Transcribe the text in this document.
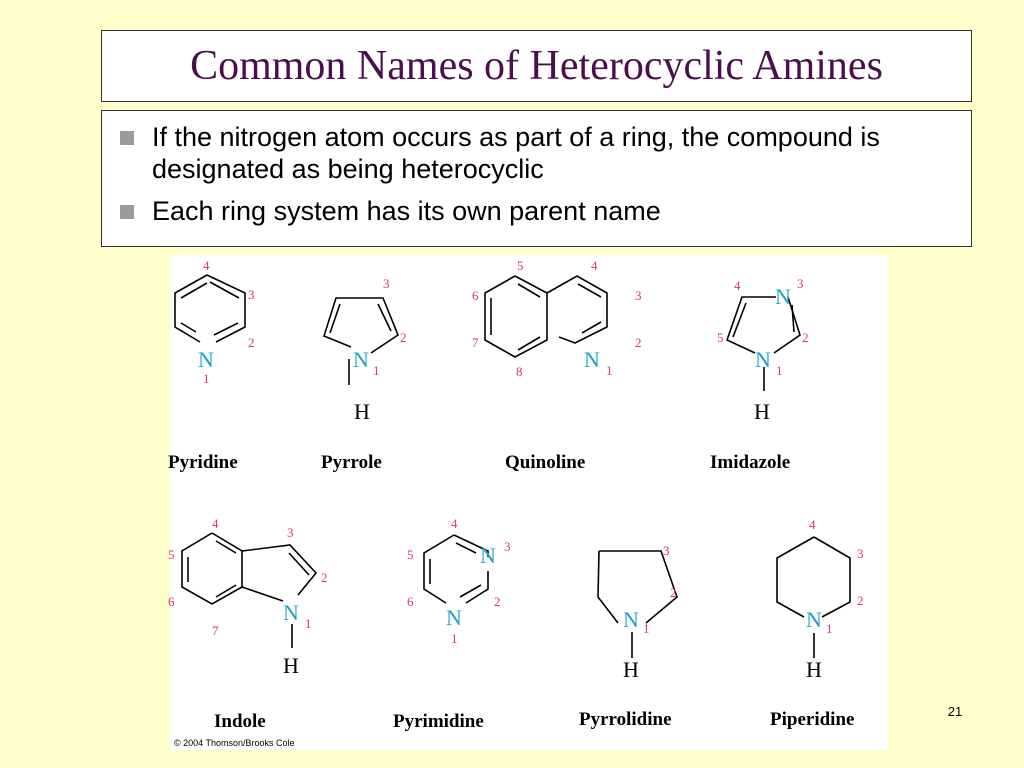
Common Names of Heterocyclic Amines
If the nitrogen atom occurs as part of a ring, the compound is designated as being heterocyclic
Each ring system has its own parent name
N	N	N
N
N
N
N
N	N	N
H	H
H	H	H
4
3
2
1
3
2
1
5	4
6	3
7	2
8	1
4	3
5	2
1
4
3
5
2
6
7	1
4
5
3
6	2
1
3
2
1
4
3
2
1
Pyridine	Pyrrole	Quinoline	Imidazole
Indole	Pyrimidine	Pyrrolidine	Piperidine
© 2004 Thomson/Brooks Cole
21
